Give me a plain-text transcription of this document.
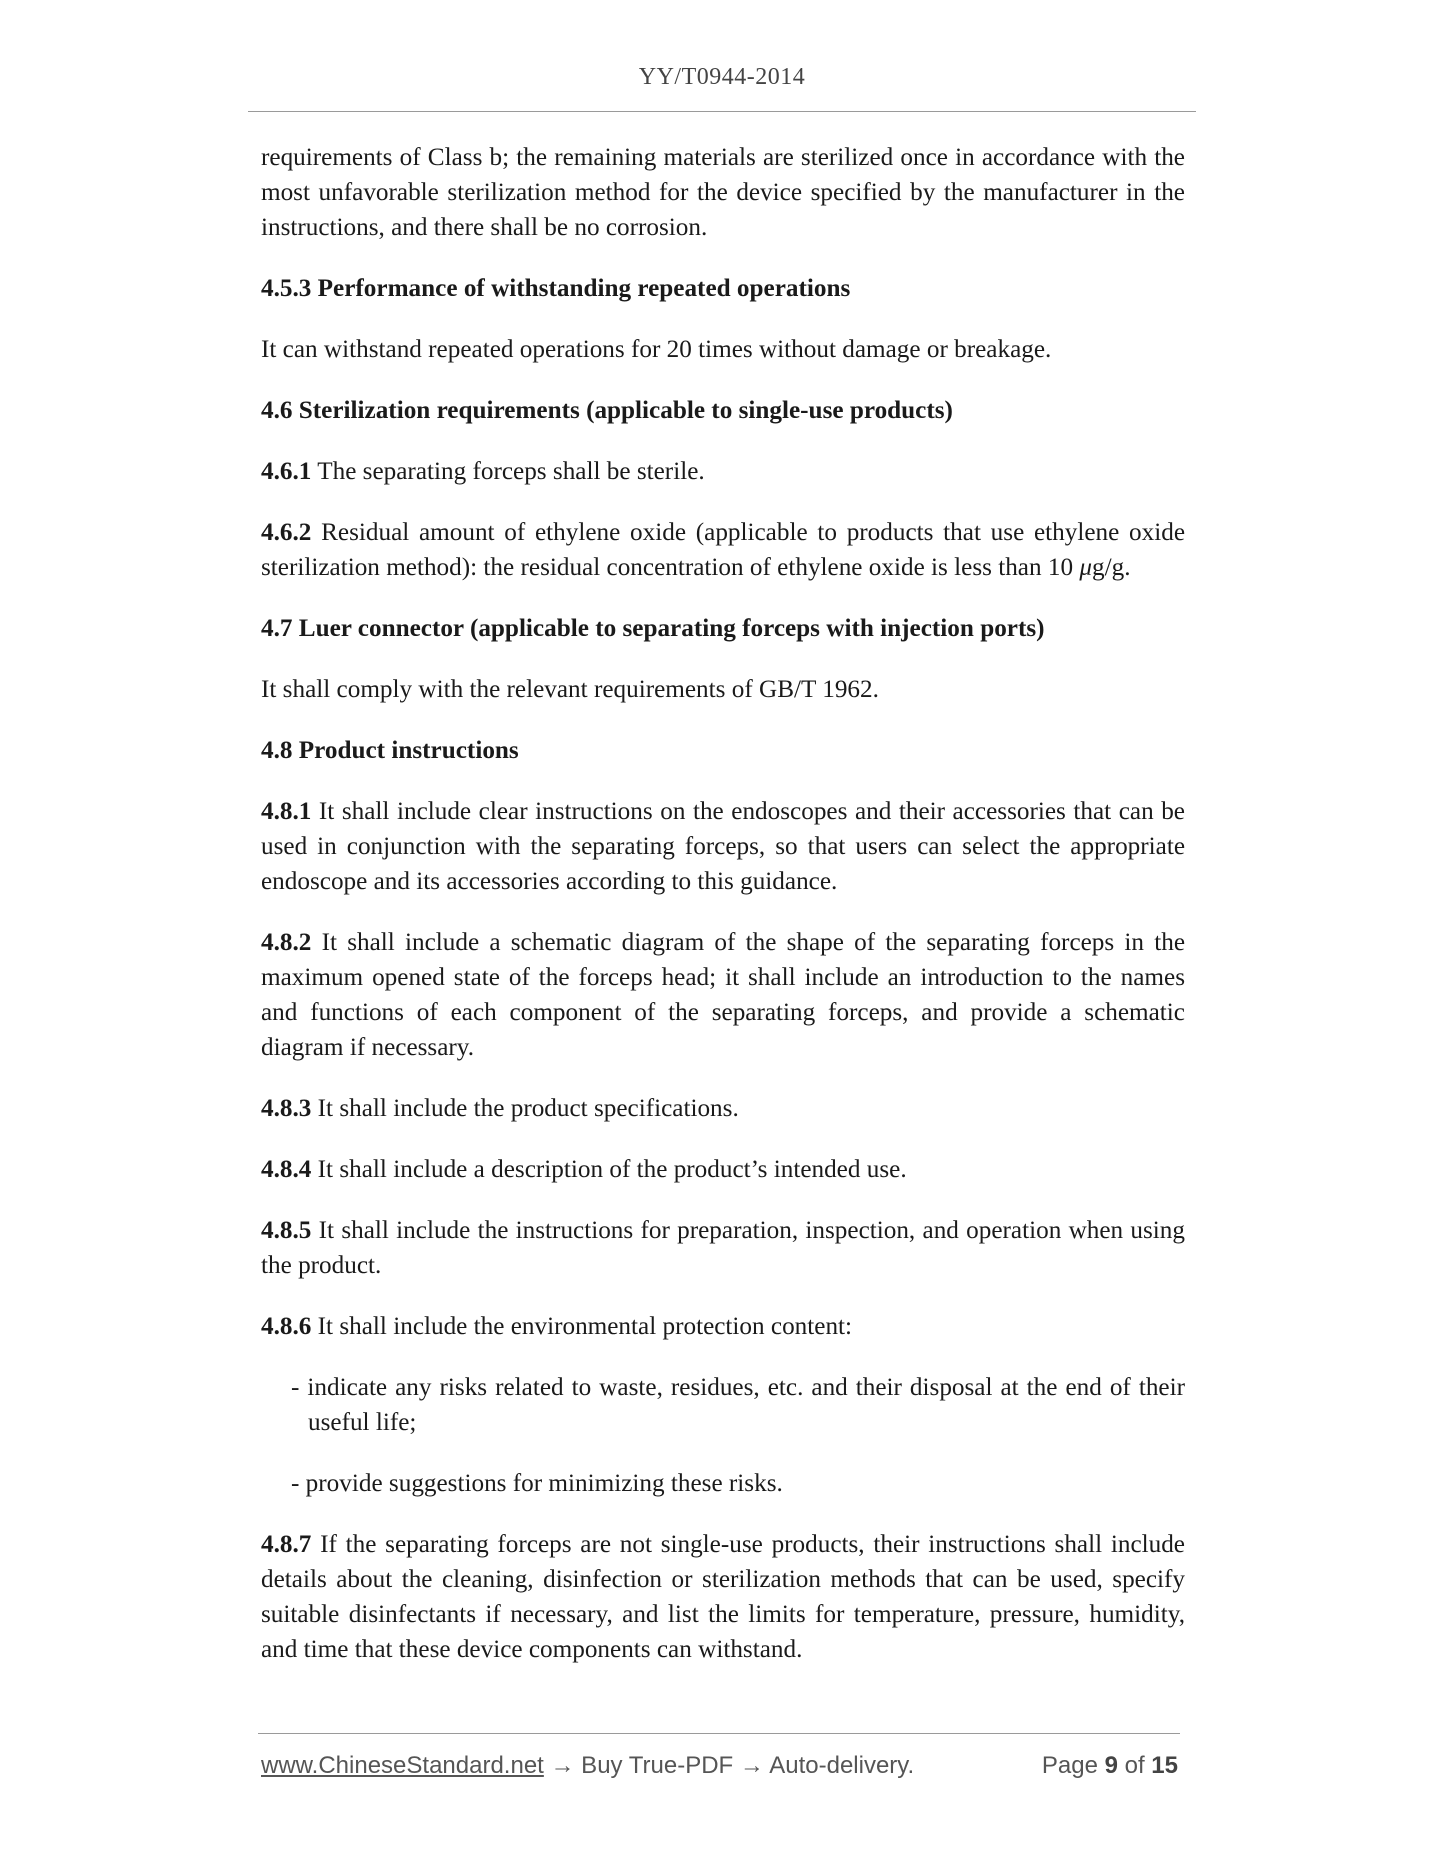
YY/T0944-2014

requirements of Class b; the remaining materials are sterilized once in accordance with the most unfavorable sterilization method for the device specified by the manufacturer in the instructions, and there shall be no corrosion.

4.5.3 Performance of withstanding repeated operations

It can withstand repeated operations for 20 times without damage or breakage.

4.6 Sterilization requirements (applicable to single-use products)

4.6.1 The separating forceps shall be sterile.

4.6.2 Residual amount of ethylene oxide (applicable to products that use ethylene oxide sterilization method): the residual concentration of ethylene oxide is less than 10 μg/g.

4.7 Luer connector (applicable to separating forceps with injection ports)

It shall comply with the relevant requirements of GB/T 1962.

4.8 Product instructions

4.8.1 It shall include clear instructions on the endoscopes and their accessories that can be used in conjunction with the separating forceps, so that users can select the appropriate endoscope and its accessories according to this guidance.

4.8.2 It shall include a schematic diagram of the shape of the separating forceps in the maximum opened state of the forceps head; it shall include an introduction to the names and functions of each component of the separating forceps, and provide a schematic diagram if necessary.

4.8.3 It shall include the product specifications.

4.8.4 It shall include a description of the product’s intended use.

4.8.5 It shall include the instructions for preparation, inspection, and operation when using the product.

4.8.6 It shall include the environmental protection content:

- indicate any risks related to waste, residues, etc. and their disposal at the end of their useful life;

- provide suggestions for minimizing these risks.

4.8.7 If the separating forceps are not single-use products, their instructions shall include details about the cleaning, disinfection or sterilization methods that can be used, specify suitable disinfectants if necessary, and list the limits for temperature, pressure, humidity, and time that these device components can withstand.

www.ChineseStandard.net → Buy True-PDF → Auto-delivery.	Page 9 of 15
